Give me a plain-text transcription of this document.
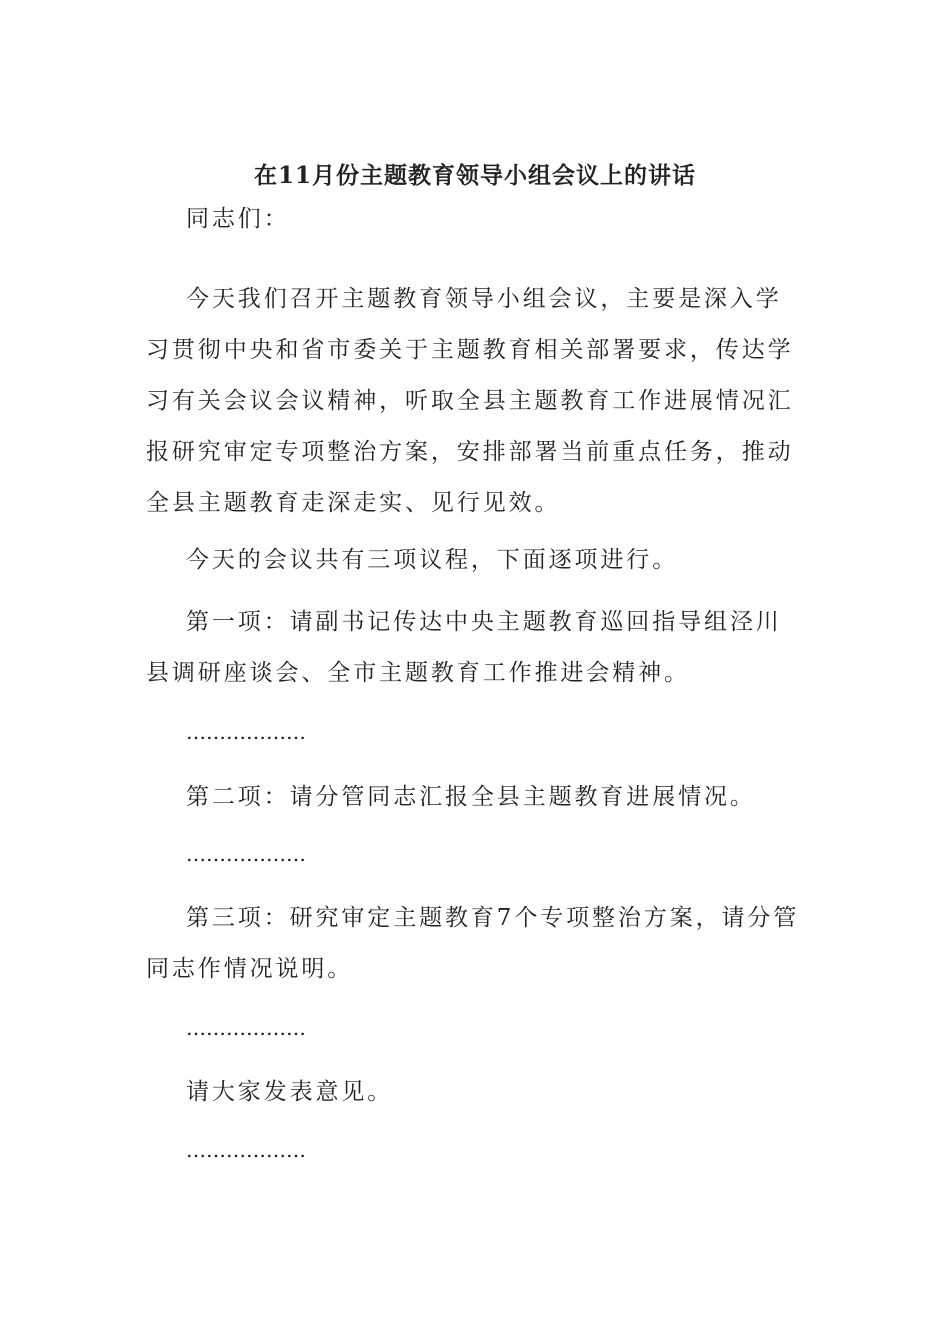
在11月份主题教育领导小组会议上的讲话
同志们：
今天我们召开主题教育领导小组会议，主要是深入学习贯彻中央和省市委关于主题教育相关部署要求，传达学习有关会议会议精神，听取全县主题教育工作进展情况汇报研究审定专项整治方案，安排部署当前重点任务，推动全县主题教育走深走实、见行见效。
今天的会议共有三项议程，下面逐项进行。
第一项：请副书记传达中央主题教育巡回指导组泾川县调研座谈会、全市主题教育工作推进会精神。
………………
第二项：请分管同志汇报全县主题教育进展情况。
………………
第三项：研究审定主题教育7个专项整治方案，请分管同志作情况说明。
………………
请大家发表意见。
………………
